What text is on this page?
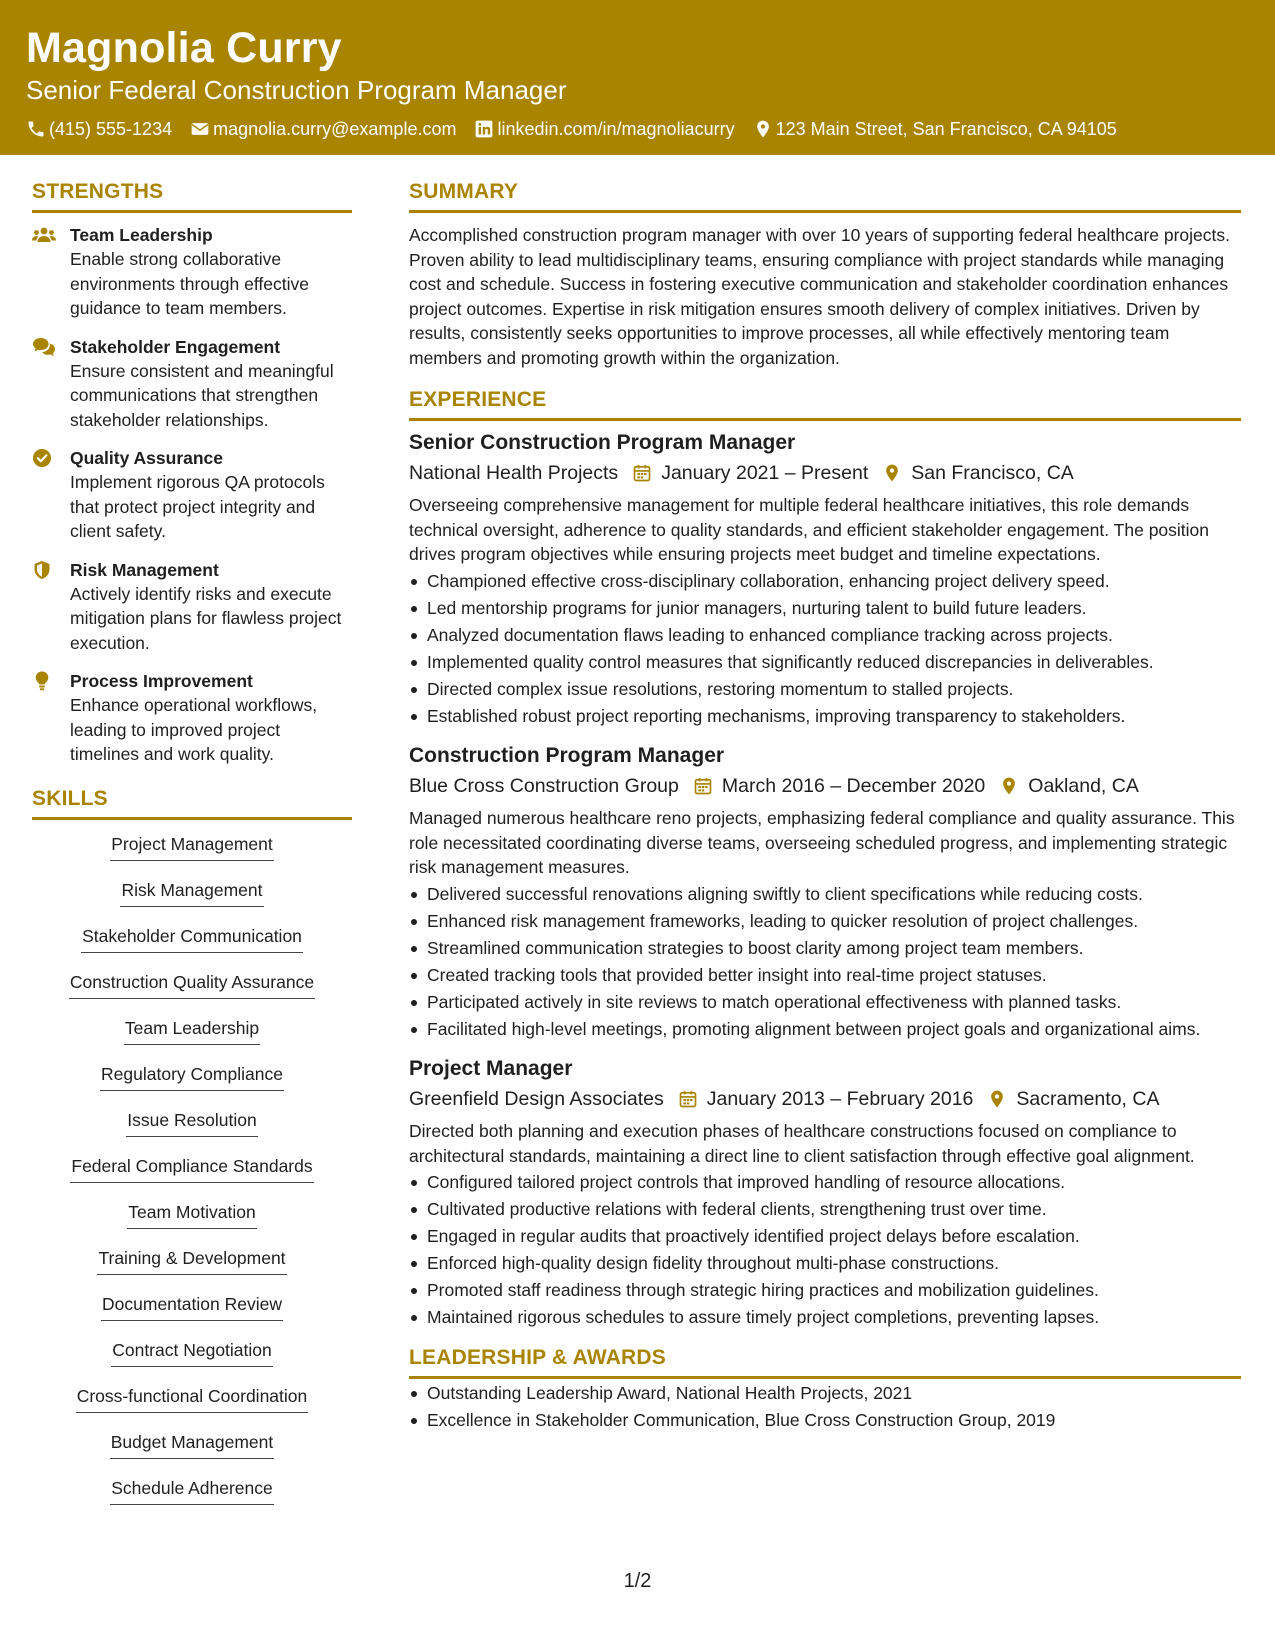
Magnolia Curry
Senior Federal Construction Program Manager
(415) 555-1234 magnolia.curry@example.com linkedin.com/in/magnoliacurry 123 Main Street, San Francisco, CA 94105
STRENGTHS
Team Leadership
Enable strong collaborative environments through effective guidance to team members.
Stakeholder Engagement
Ensure consistent and meaningful communications that strengthen stakeholder relationships.
Quality Assurance
Implement rigorous QA protocols that protect project integrity and client safety.
Risk Management
Actively identify risks and execute mitigation plans for flawless project execution.
Process Improvement
Enhance operational workflows, leading to improved project timelines and work quality.
SKILLS
Project Management
Risk Management
Stakeholder Communication
Construction Quality Assurance
Team Leadership
Regulatory Compliance
Issue Resolution
Federal Compliance Standards
Team Motivation
Training & Development
Documentation Review
Contract Negotiation
Cross-functional Coordination
Budget Management
Schedule Adherence
SUMMARY
Accomplished construction program manager with over 10 years of supporting federal healthcare projects. Proven ability to lead multidisciplinary teams, ensuring compliance with project standards while managing cost and schedule. Success in fostering executive communication and stakeholder coordination enhances project outcomes. Expertise in risk mitigation ensures smooth delivery of complex initiatives. Driven by results, consistently seeks opportunities to improve processes, all while effectively mentoring team members and promoting growth within the organization.
EXPERIENCE
Senior Construction Program Manager
National Health Projects January 2021 – Present San Francisco, CA
Overseeing comprehensive management for multiple federal healthcare initiatives, this role demands technical oversight, adherence to quality standards, and efficient stakeholder engagement. The position drives program objectives while ensuring projects meet budget and timeline expectations.
Championed effective cross-disciplinary collaboration, enhancing project delivery speed.
Led mentorship programs for junior managers, nurturing talent to build future leaders.
Analyzed documentation flaws leading to enhanced compliance tracking across projects.
Implemented quality control measures that significantly reduced discrepancies in deliverables.
Directed complex issue resolutions, restoring momentum to stalled projects.
Established robust project reporting mechanisms, improving transparency to stakeholders.
Construction Program Manager
Blue Cross Construction Group March 2016 – December 2020 Oakland, CA
Managed numerous healthcare reno projects, emphasizing federal compliance and quality assurance. This role necessitated coordinating diverse teams, overseeing scheduled progress, and implementing strategic risk management measures.
Delivered successful renovations aligning swiftly to client specifications while reducing costs.
Enhanced risk management frameworks, leading to quicker resolution of project challenges.
Streamlined communication strategies to boost clarity among project team members.
Created tracking tools that provided better insight into real-time project statuses.
Participated actively in site reviews to match operational effectiveness with planned tasks.
Facilitated high-level meetings, promoting alignment between project goals and organizational aims.
Project Manager
Greenfield Design Associates January 2013 – February 2016 Sacramento, CA
Directed both planning and execution phases of healthcare constructions focused on compliance to architectural standards, maintaining a direct line to client satisfaction through effective goal alignment.
Configured tailored project controls that improved handling of resource allocations.
Cultivated productive relations with federal clients, strengthening trust over time.
Engaged in regular audits that proactively identified project delays before escalation.
Enforced high-quality design fidelity throughout multi-phase constructions.
Promoted staff readiness through strategic hiring practices and mobilization guidelines.
Maintained rigorous schedules to assure timely project completions, preventing lapses.
LEADERSHIP & AWARDS
Outstanding Leadership Award, National Health Projects, 2021
Excellence in Stakeholder Communication, Blue Cross Construction Group, 2019
1/2
